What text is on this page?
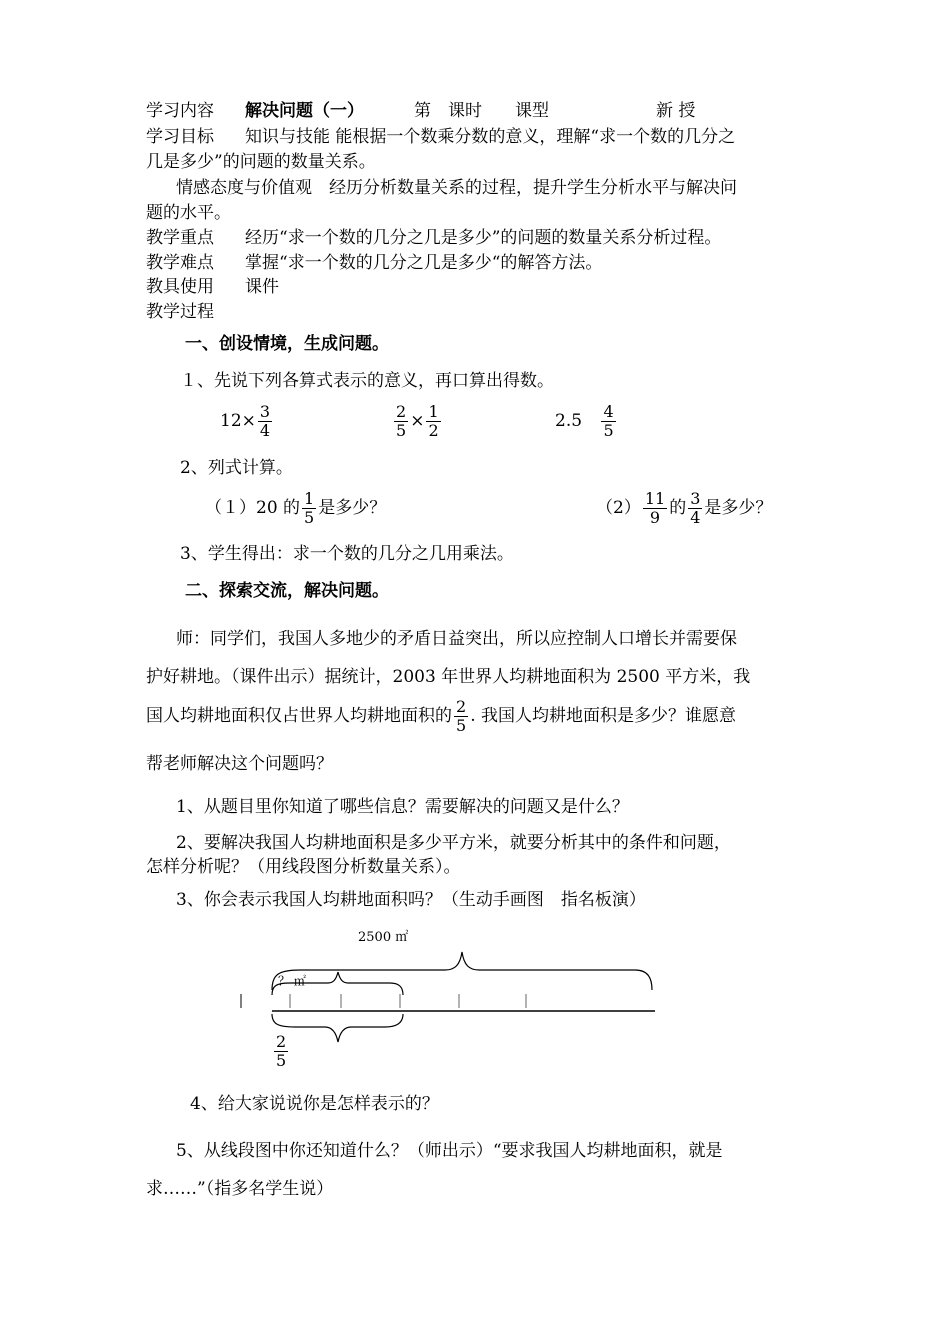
学习内容 解决问题（一）	第　课时 课型	新 授
学习目标 知识与技能 能根据一个数乘分数的意义，理解“求一个数的几分之
几是多少”的问题的数量关系。
情感态度与价值观　经历分析数量关系的过程，提升学生分析水平与解决问
题的水平。
教学重点 经历“求一个数的几分之几是多少”的问题的数量关系分析过程。
教学难点 掌握“求一个数的几分之几是多少“的解答方法。
教具使用 课件
教学过程
一、创设情境，生成问题。
１、先说下列各算式表示的意义，再口算出得数。
$12\times \frac{3}{4}$	$\frac{2}{5} \times \frac{1}{2}$	$2.5 \frac{4}{5}$
2、列式计算。
（１）20 的 $\frac{1}{5}$ 是多少？	$(2) \frac{11}{9}$ 的 $\frac{3}{4}$ 是多少？
3、学生得出：求一个数的几分之几用乘法。
二、探索交流，解决问题。
师：同学们，我国人多地少的矛盾日益突出，所以应控制人口增长并需要保
护好耕地。（课件出示）据统计，2003 年世界人均耕地面积为 2500 平方米，我
国人均耕地面积仅占世界人均耕地面积的 $\frac{2}{5}$ . 我国人均耕地面积是多少？谁愿意
帮老师解决这个问题吗？
1、从题目里你知道了哪些信息？需要解决的问题又是什么？
2、要解决我国人均耕地面积是多少平方米，就要分析其中的条件和问题，
怎样分析呢？（用线段图分析数量关系）。
3、你会表示我国人均耕地面积吗？（生动手画图　指名板演）
2500 ㎡
？ ㎡
$\frac{2}{5}$
4、给大家说说你是怎样表示的？
5、从线段图中你还知道什么？（师出示）“要求我国人均耕地面积，就是
求……”（指多名学生说）
